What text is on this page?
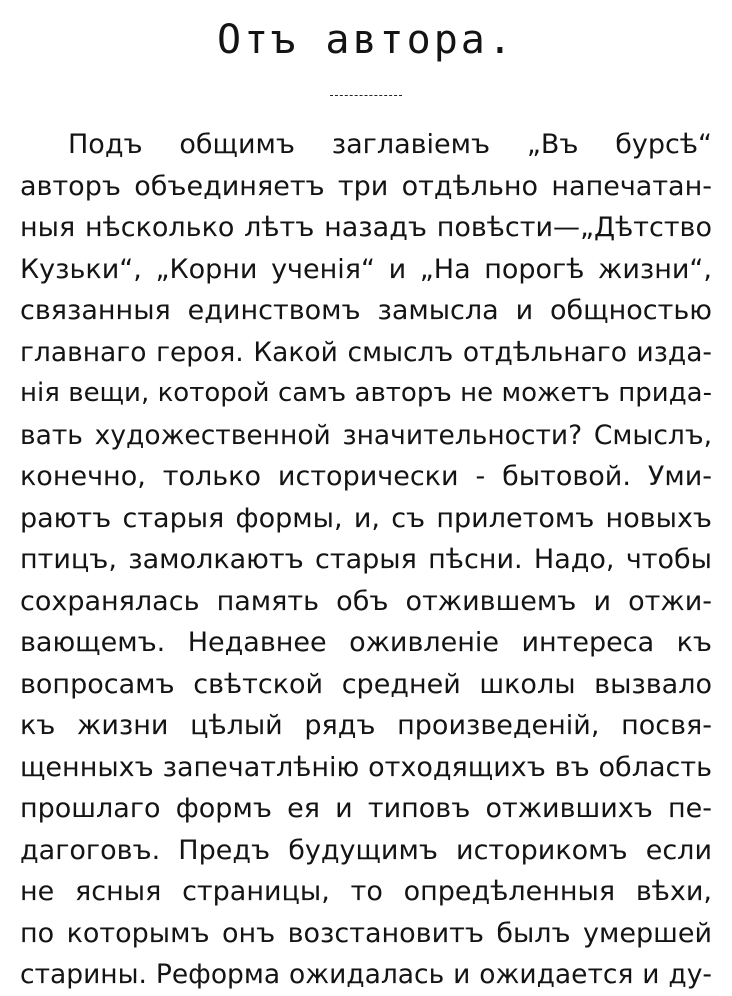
Отъ автора.
Подъ общимъ заглавіемъ „Въ бурсѣ“
авторъ объединяетъ три отдѣльно напечатан-
ныя нѣсколько лѣтъ назадъ повѣсти—„Дѣтство
Кузьки“, „Корни ученія“ и „На порогѣ жизни“,
связанныя единствомъ замысла и общностью
главнаго героя. Какой смыслъ отдѣльнаго изда-
нія вещи, которой самъ авторъ не можетъ прида-
вать художественной значительности? Смыслъ,
конечно, только исторически - бытовой. Уми-
раютъ старыя формы, и, съ прилетомъ новыхъ
птицъ, замолкаютъ старыя пѣсни. Надо, чтобы
сохранялась память объ отжившемъ и отжи-
вающемъ. Недавнее оживленіе интереса къ
вопросамъ свѣтской средней школы вызвало
къ жизни цѣлый рядъ произведеній, посвя-
щенныхъ запечатлѣнію отходящихъ въ область
прошлаго формъ ея и типовъ отжившихъ пе-
дагоговъ. Предъ будущимъ историкомъ если
не ясныя страницы, то опредѣленныя вѣхи,
по которымъ онъ возстановитъ былъ умершей
старины. Реформа ожидалась и ожидается и ду-
